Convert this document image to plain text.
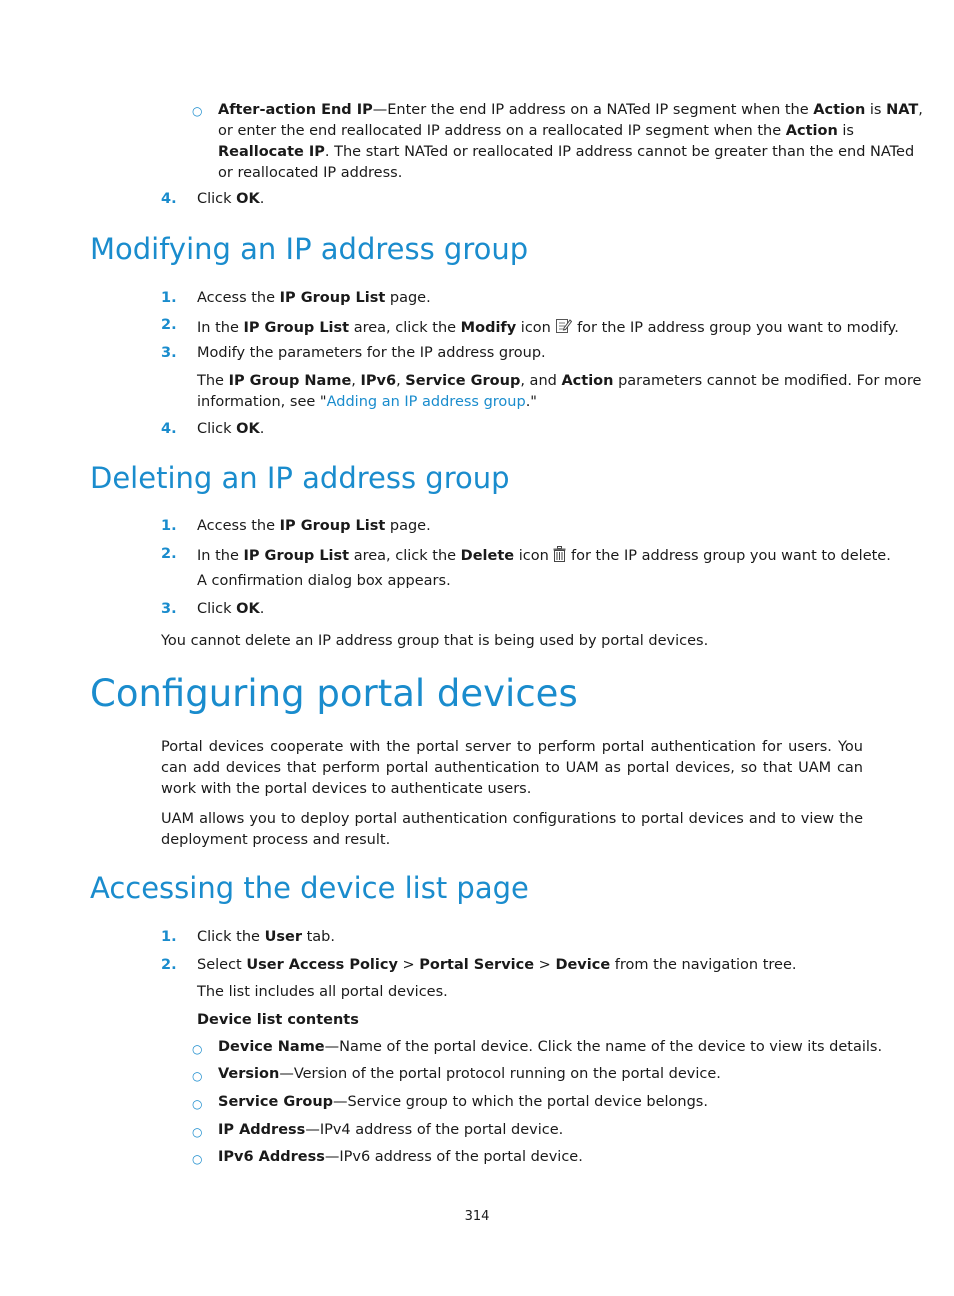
○ After-action End IP—Enter the end IP address on a NATed IP segment when the Action is NAT,
or enter the end reallocated IP address on a reallocated IP segment when the Action is
Reallocate IP. The start NATed or reallocated IP address cannot be greater than the end NATed
or reallocated IP address.
4. Click OK.
Modifying an IP address group
1. Access the IP Group List page.
2. In the IP Group List area, click the Modify icon  for the IP address group you want to modify.
3. Modify the parameters for the IP address group.
The IP Group Name, IPv6, Service Group, and Action parameters cannot be modified. For more
information, see "Adding an IP address group."
4. Click OK.
Deleting an IP address group
1. Access the IP Group List page.
2. In the IP Group List area, click the Delete icon  for the IP address group you want to delete.
A confirmation dialog box appears.
3. Click OK.
You cannot delete an IP address group that is being used by portal devices.
Configuring portal devices
Portal devices cooperate with the portal server to perform portal authentication for users. You can add devices that perform portal authentication to UAM as portal devices, so that UAM can work with the portal devices to authenticate users.
UAM allows you to deploy portal authentication configurations to portal devices and to view the deployment process and result.
Accessing the device list page
1. Click the User tab.
2. Select User Access Policy > Portal Service > Device from the navigation tree.
The list includes all portal devices.
Device list contents
○ Device Name—Name of the portal device. Click the name of the device to view its details.
○ Version—Version of the portal protocol running on the portal device.
○ Service Group—Service group to which the portal device belongs.
○ IP Address—IPv4 address of the portal device.
○ IPv6 Address—IPv6 address of the portal device.
314
